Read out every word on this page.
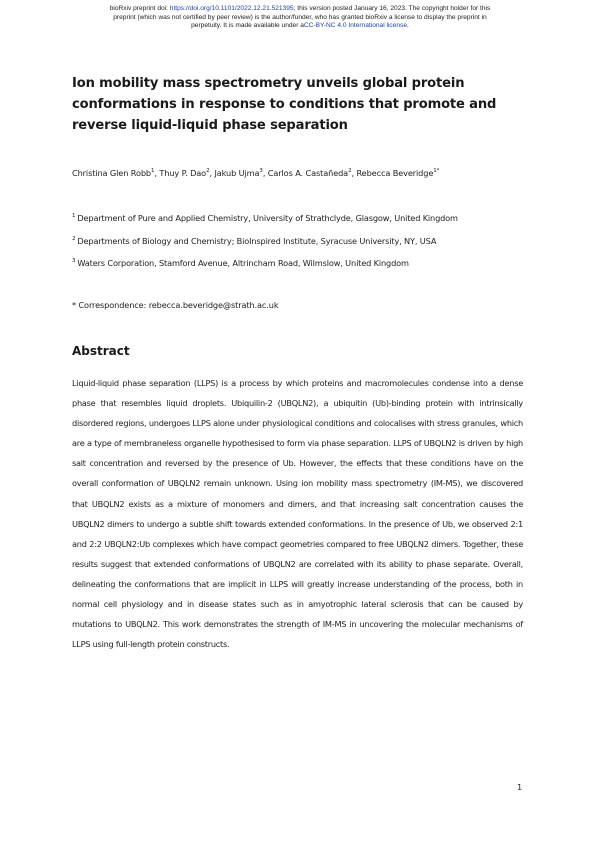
bioRxiv preprint doi: https://doi.org/10.1101/2022.12.21.521395; this version posted January 16, 2023. The copyright holder for this
preprint (which was not certified by peer review) is the author/funder, who has granted bioRxiv a license to display the preprint in
perpetuity. It is made available under aCC-BY-NC 4.0 International license.
Ion mobility mass spectrometry unveils global protein conformations in response to conditions that promote and reverse liquid-liquid phase separation
Christina Glen Robb$^1$, Thuy P. Dao$^2$, Jakub Ujma$^3$, Carlos A. Castañeda$^2$, Rebecca Beveridge$^{1*}$
$^1$ Department of Pure and Applied Chemistry, University of Strathclyde, Glasgow, United Kingdom
$^2$ Departments of Biology and Chemistry; BioInspired Institute, Syracuse University, NY, USA
$^3$ Waters Corporation, Stamford Avenue, Altrincham Road, Wilmslow, United Kingdom
* Correspondence: rebecca.beveridge@strath.ac.uk
Abstract
Liquid-liquid phase separation (LLPS) is a process by which proteins and macromolecules condense into a dense phase that resembles liquid droplets. Ubiquilin-2 (UBQLN2), a ubiquitin (Ub)-binding protein with intrinsically disordered regions, undergoes LLPS alone under physiological conditions and colocalises with stress granules, which are a type of membraneless organelle hypothesised to form via phase separation. LLPS of UBQLN2 is driven by high salt concentration and reversed by the presence of Ub. However, the effects that these conditions have on the overall conformation of UBQLN2 remain unknown. Using ion mobility mass spectrometry (IM-MS), we discovered that UBQLN2 exists as a mixture of monomers and dimers, and that increasing salt concentration causes the UBQLN2 dimers to undergo a subtle shift towards extended conformations. In the presence of Ub, we observed 2:1 and 2:2 UBQLN2:Ub complexes which have compact geometries compared to free UBQLN2 dimers. Together, these results suggest that extended conformations of UBQLN2 are correlated with its ability to phase separate. Overall, delineating the conformations that are implicit in LLPS will greatly increase understanding of the process, both in normal cell physiology and in disease states such as in amyotrophic lateral sclerosis that can be caused by mutations to UBQLN2. This work demonstrates the strength of IM-MS in uncovering the molecular mechanisms of LLPS using full-length protein constructs.
1
